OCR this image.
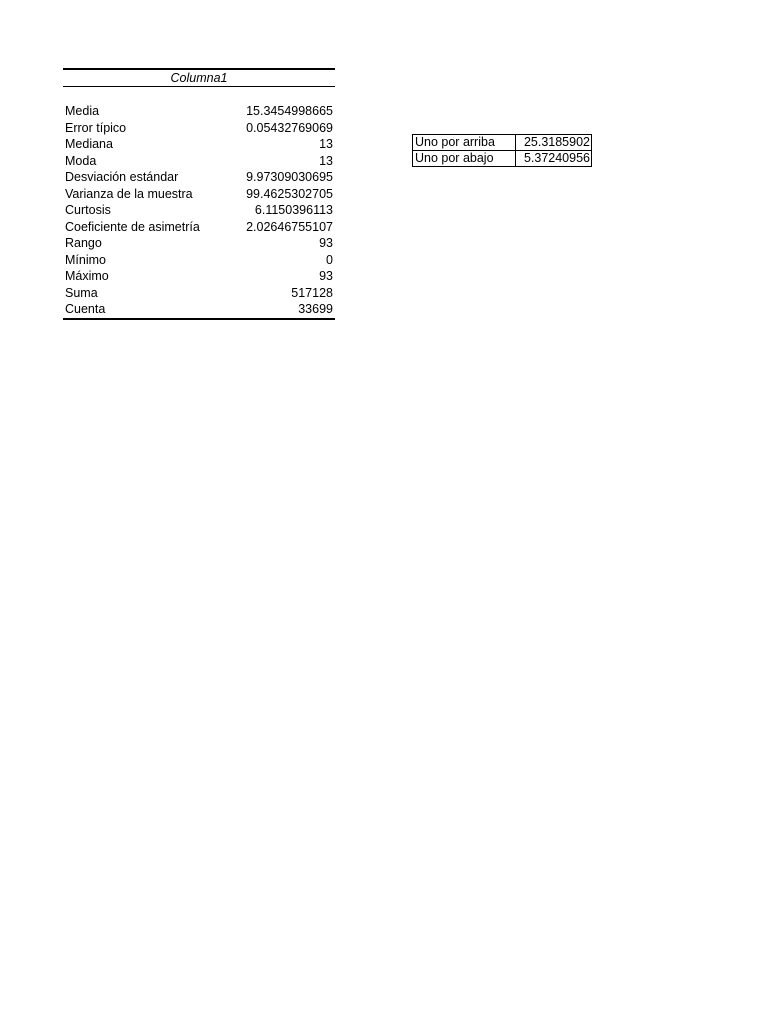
Columna1
Media	15.3454998665
Error típico	0.05432769069
Mediana	13
Moda	13
Desviación estándar	9.97309030695
Varianza de la muestra	99.4625302705
Curtosis	6.1150396113
Coeficiente de asimetría	2.02646755107
Rango	93
Mínimo	0
Máximo	93
Suma	517128
Cuenta	33699
Uno por arriba	25.3185902
Uno por abajo	5.37240956
